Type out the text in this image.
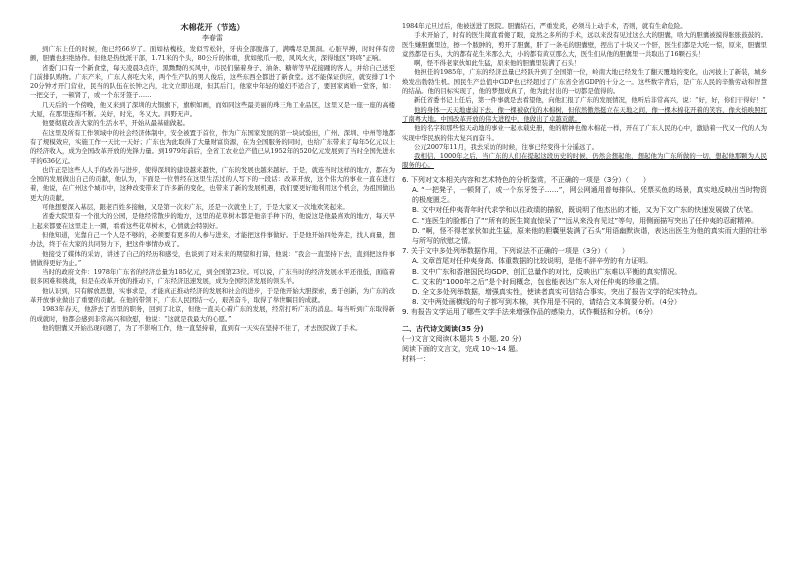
木棉花开（节选）
李春雷

到广东上任的时候，他已经66岁了。面如枯槐枝，发似雪松针，牙齿全部脱落了，满嘴尽是黑洞。心脏早搏，时时伴有房颤，胆囊也拒绝协作。但他是热忱派干部，1.71米的个头，80公斤的体重，犹如熊爪一般，风风火火，深得地区“咚咚”正响。

省委门口有一个新食堂，每天凌晨3点许，黑黝黝的买风中，市民们猫着身子、油条、糖蒂等早花接踵的客人，并给自己送至门前排队购物。广东产米，广东人喜吃大米，两个生产队的男人俊后，这些东西全都进了新食堂。远不能保证供应，就安排了1个20分钟才开门营业，民当的队伍在长钟之内，北文立即出现，但其后门，他家中年轻的媳妇不适合了，要回家离婚一堂客，如：一把交子，一顿肾了，或一个东牙签子……

几天后的一个傍晚，他又来到了深圳的大铜旗下，旗帜如画，而如同这些最美丽的珠三角工业品区，这里又是一座一座的高楼大厦，在那里连绵不断。关好，时光，冬又大。四野无声。

他要彻底改善大家的生活水平，开始从最基础做起。

在这里及所有工作领域中的社会经济体制中，安全被置于首位，作为广东国家发展的第一块试验田，广州、深圳、中州等地都有了规模效应，实施工作一天比一天好；广东也为此取得了大量财富资源，在为全国服务的同时，也给广东带来了每年5亿元以上的经济收入，成为全国改革开放的先锋力量。到1979年前后，全省工农业总产值已从1952年的520亿元发展到了当时全国先进水平的636亿元。

也许正是这些人人手的改善与进步，使得深圳的建设越来越快，广东的发展也越来越好。于是，就连当时这样的地方，都在为全国的发展做出自己的贡献，他认为，下面是一位曾经在这里生活过的人写下的一段话：改革开放，这个伟大的事业一直在进行着，他说，在广州这个城市中，这种改变带来了许多新的变化，也带来了新的发展机遇，我们要更好地利用这个机会，为祖国做出更大的贡献。

可他想要深入基层，跟老百姓多接触，又是第一次来广东，还是一次就坐上了，于是大家又一次地欢笑起来。

省委大院里有一个很大的公园，是他经常散步的地方，这里的花草树木都是他亲手种下的，他说这是他最喜欢的地方，每天早上起来都要在这里走上一圈，看看这些花草树木，心情就会特别好。

但他知道，光靠自己一个人是不够的，必须要有更多的人参与进来，才能把这件事做好。于是他开始四处奔走，找人商量，想办法，终于在大家的共同努力下，把这件事情办成了。

他接受了媒体的采访，讲述了自己的经历和感受，也谈到了对未来的期望和打算，他说：“我会一直坚持下去，直到把这件事情做得更好为止。”

当时的政府文件：1978年广东省的经济总量为185亿元，到全国第23位。可以说，广东当时的经济发展水平还很低，面临着很多困难和挑战，但是在改革开放的推动下，广东经济迅速发展，成为全国经济发展的领头羊。

他认识到，只有解放思想，实事求是，才能真正推动经济的发展和社会的进步，于是他开始大胆探索，勇于创新，为广东的改革开放事业做出了重要的贡献。在他的带领下，广东人民团结一心，艰苦奋斗，取得了举世瞩目的成就。

1983年春天，他辞去了省里的职务，回到了北京，但他一直关心着广东的发展，经常打听广东的消息。每当听到广东取得新的成就时，他都会感到非常高兴和欣慰，他说：“这就是我最大的心愿。”

他的胆囊又开始出现问题了，为了不影响工作，他一直坚持着，直到有一天实在坚持不住了，才去医院做了手术。

1984年元旦过后，他被送进了医院。胆囊结石，严重发炎，必须马上动手术，否则，就有生命危险。

手术开始了，时有的医生简直看傻了眼，竟然之多所的手术，远以来没有见过这么大的胆囊，啥大的胆囊被摸得胀胀鼓鼓的。医生嫌胆囊里边，擦一个脓肿的，剪开了胆囊，肝了一条毛的胆囊壁，捏出了十块又一个肝，医生们都是大吃一惊，原来，胆囊里竟然都是石头，大的都有花生米那么大，小的都有黄豆那么大，医生们从他的胆囊里一共取出了16颗石头！

啊，怪不得老家伙如此生猛，原来他的胆囊里装满了石头！

他担任的1985年，广东的经济总量已经跃升到了全国第一位，岭南大地已经发生了翻天覆地的变化，山河披上了新装，城乡焕发出勃勃生机。国民生产总值中GDP也已经超过了广东省全省GDP的十分之一。这些数字背后，是广东人民的辛勤劳动和智慧的结晶。他的目标实现了，他的梦想成真了，他为此付出的一切都是值得的。

新任省委书记上任后，第一件事就是去看望他，向他汇报了广东的发展情况，他听后非常高兴，说：“好，好，你们干得好！”

他的身体一天天地虚弱下去，像一棵被砍伐的木棉树，但依然傲然挺立在天地之间，像一棵木棉花开着的笑容，像火焰映照红了南粤大地。中国改革开放的伟大进程中，他做出了卓越贡献。

他的名字和那些惊天动地的事业一起永载史册，他的精神也像木棉花一样，开在了广东人民的心中，激励着一代又一代的人为实现中华民族的伟大复兴而奋斗。

公元2007年11月，我去采访的时候，往事已经变得十分遥远了。

我相信，1000年之后，当广东的人们在提起这段历史的时候，仍然会想起他，想起他为广东所做的一切，想起他那颗为人民服务的心。

6. 下列对文本相关内容和艺术特色的分析鉴赏，不正确的一项是（3分）（　　）
A. “一把凳子，一顿肾了，或一个东牙签子……”，网公网通用普每排队、凭票买鱼的场景，真实地反映出当时物资的极度匮乏。
B. 文中对任仲夷青年时代求学和以往政绩的描叙，既说明了他杰出的才能，又为下文广东的快速发展做了伏笔。
C. “连医生的脸都白了”“所有的医生简直惊呆了”“远从来没有见过”等句，用侧面描写突出了任仲夷的忍耐精神。
D. “啊，怪不得老家伙如此生猛，原来他的胆囊里装满了石头”用语幽默诙谐，表达出医生为他的真实而大胆的壮举与所写的欣慰之情。
7. 关于文中多处列举数据作用，下列说法不正确的一项是（3分）（　　）
A. 文章首尾对任仲夷身高、体重数据的比较说明，是他不辞辛劳的有力证明。
B. 文中广东和香港国民均GDP、创汇总量作的对比，反映出广东难以平衡的真实情况。
C. 文末的“1000年之后”是个时间概念，包也能表达广东人对任仲夷的珍重之情。
D. 全文多处列举数据，增强真实性，使读者真实可信结合事实，突出了报告文学的纪实特点。
8. 文中两处画横线的句子都写到木棉，其作用是不同的，请结合文本简要分析。（4分）
9. 有报告文学运用了哪些文学手法来增强作品的感染力，试作概括和分析。（6分）
二、古代诗文阅读(35 分)
(一)文言文阅读(本题共 5 小题, 20 分)
阅读下面的文言文，完成 10～14 题。
材料一：
